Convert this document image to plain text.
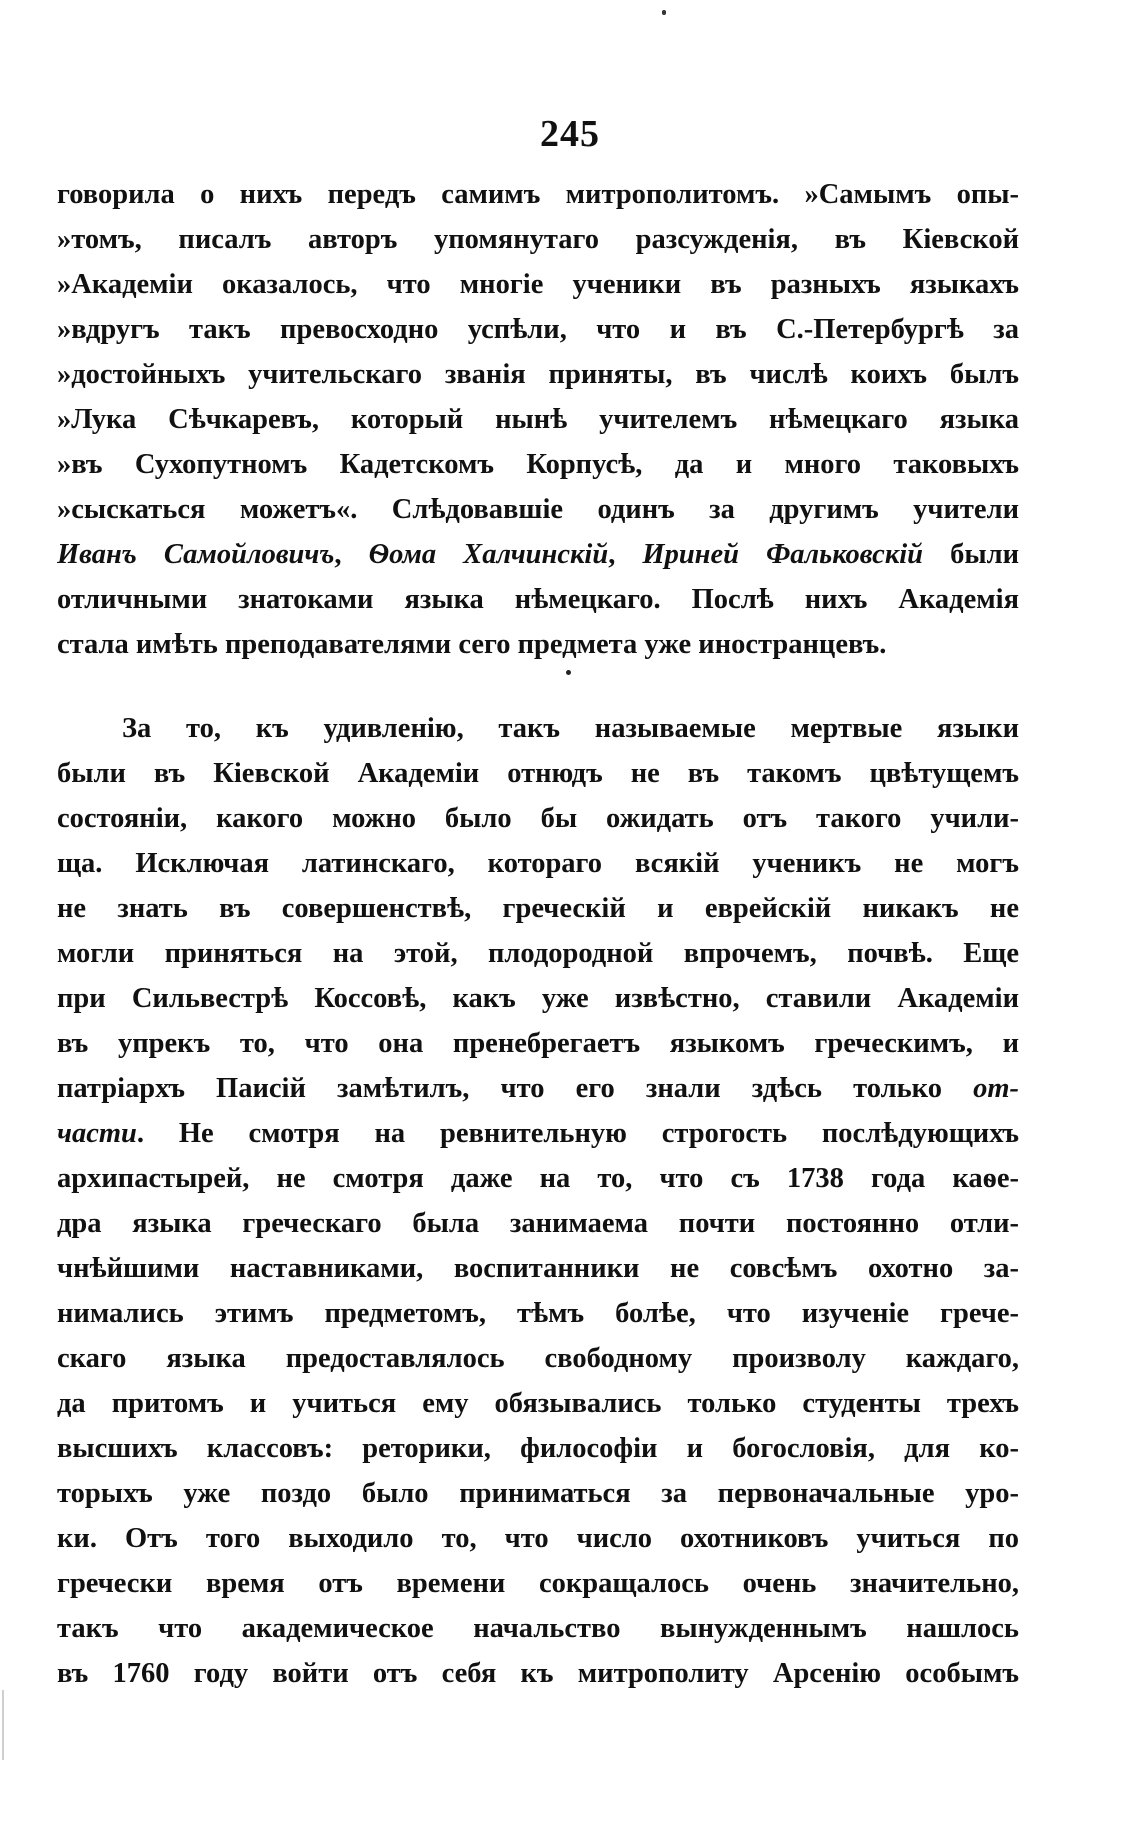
245
говорила о нихъ передъ самимъ митрополитомъ. »Самымъ опы-
»томъ, писалъ авторъ упомянутаго разсужденія, въ Кіевской
»Академіи оказалось, что многіе ученики въ разныхъ языкахъ
»вдругъ такъ превосходно успѣли, что и въ С.-Петербургѣ за
»достойныхъ учительскаго званія приняты, въ числѣ коихъ былъ
»Лука Сѣчкаревъ, который нынѣ учителемъ нѣмецкаго языка
»въ Сухопутномъ Кадетскомъ Корпусѣ, да и много таковыхъ
»сыскаться можетъ«. Слѣдовавшіе одинъ за другимъ учители
Иванъ Самойловичъ, Ѳома Халчинскій, Ириней Фальковскій были
отличными знатоками языка нѣмецкаго. Послѣ нихъ Академія
стала имѣть преподавателями сего предмета уже иностранцевъ.
За то, къ удивленію, такъ называемые мертвые языки
были въ Кіевской Академіи отнюдъ не въ такомъ цвѣтущемъ
состояніи, какого можно было бы ожидать отъ такого учили-
ща. Исключая латинскаго, котораго всякій ученикъ не могъ
не знать въ совершенствѣ, греческій и еврейскій никакъ не
могли приняться на этой, плодородной впрочемъ, почвѣ. Еще
при Сильвестрѣ Коссовѣ, какъ уже извѣстно, ставили Академіи
въ упрекъ то, что она пренебрегаетъ языкомъ греческимъ, и
патріархъ Паисій замѣтилъ, что его знали здѣсь только от-
части. Не смотря на ревнительную строгость послѣдующихъ
архипастырей, не смотря даже на то, что съ 1738 года каѳе-
дра языка греческаго была занимаема почти постоянно отли-
чнѣйшими наставниками, воспитанники не совсѣмъ охотно за-
нимались этимъ предметомъ, тѣмъ болѣе, что изученіе грече-
скаго языка предоставлялось свободному произволу каждаго,
да притомъ и учиться ему обязывались только студенты трехъ
высшихъ классовъ: реторики, философіи и богословія, для ко-
торыхъ уже поздо было приниматься за первоначальные уро-
ки. Отъ того выходило то, что число охотниковъ учиться по
гречески время отъ времени сокращалось очень значительно,
такъ что академическое начальство вынужденнымъ нашлось
въ 1760 году войти отъ себя къ митрополиту Арсенію особымъ
